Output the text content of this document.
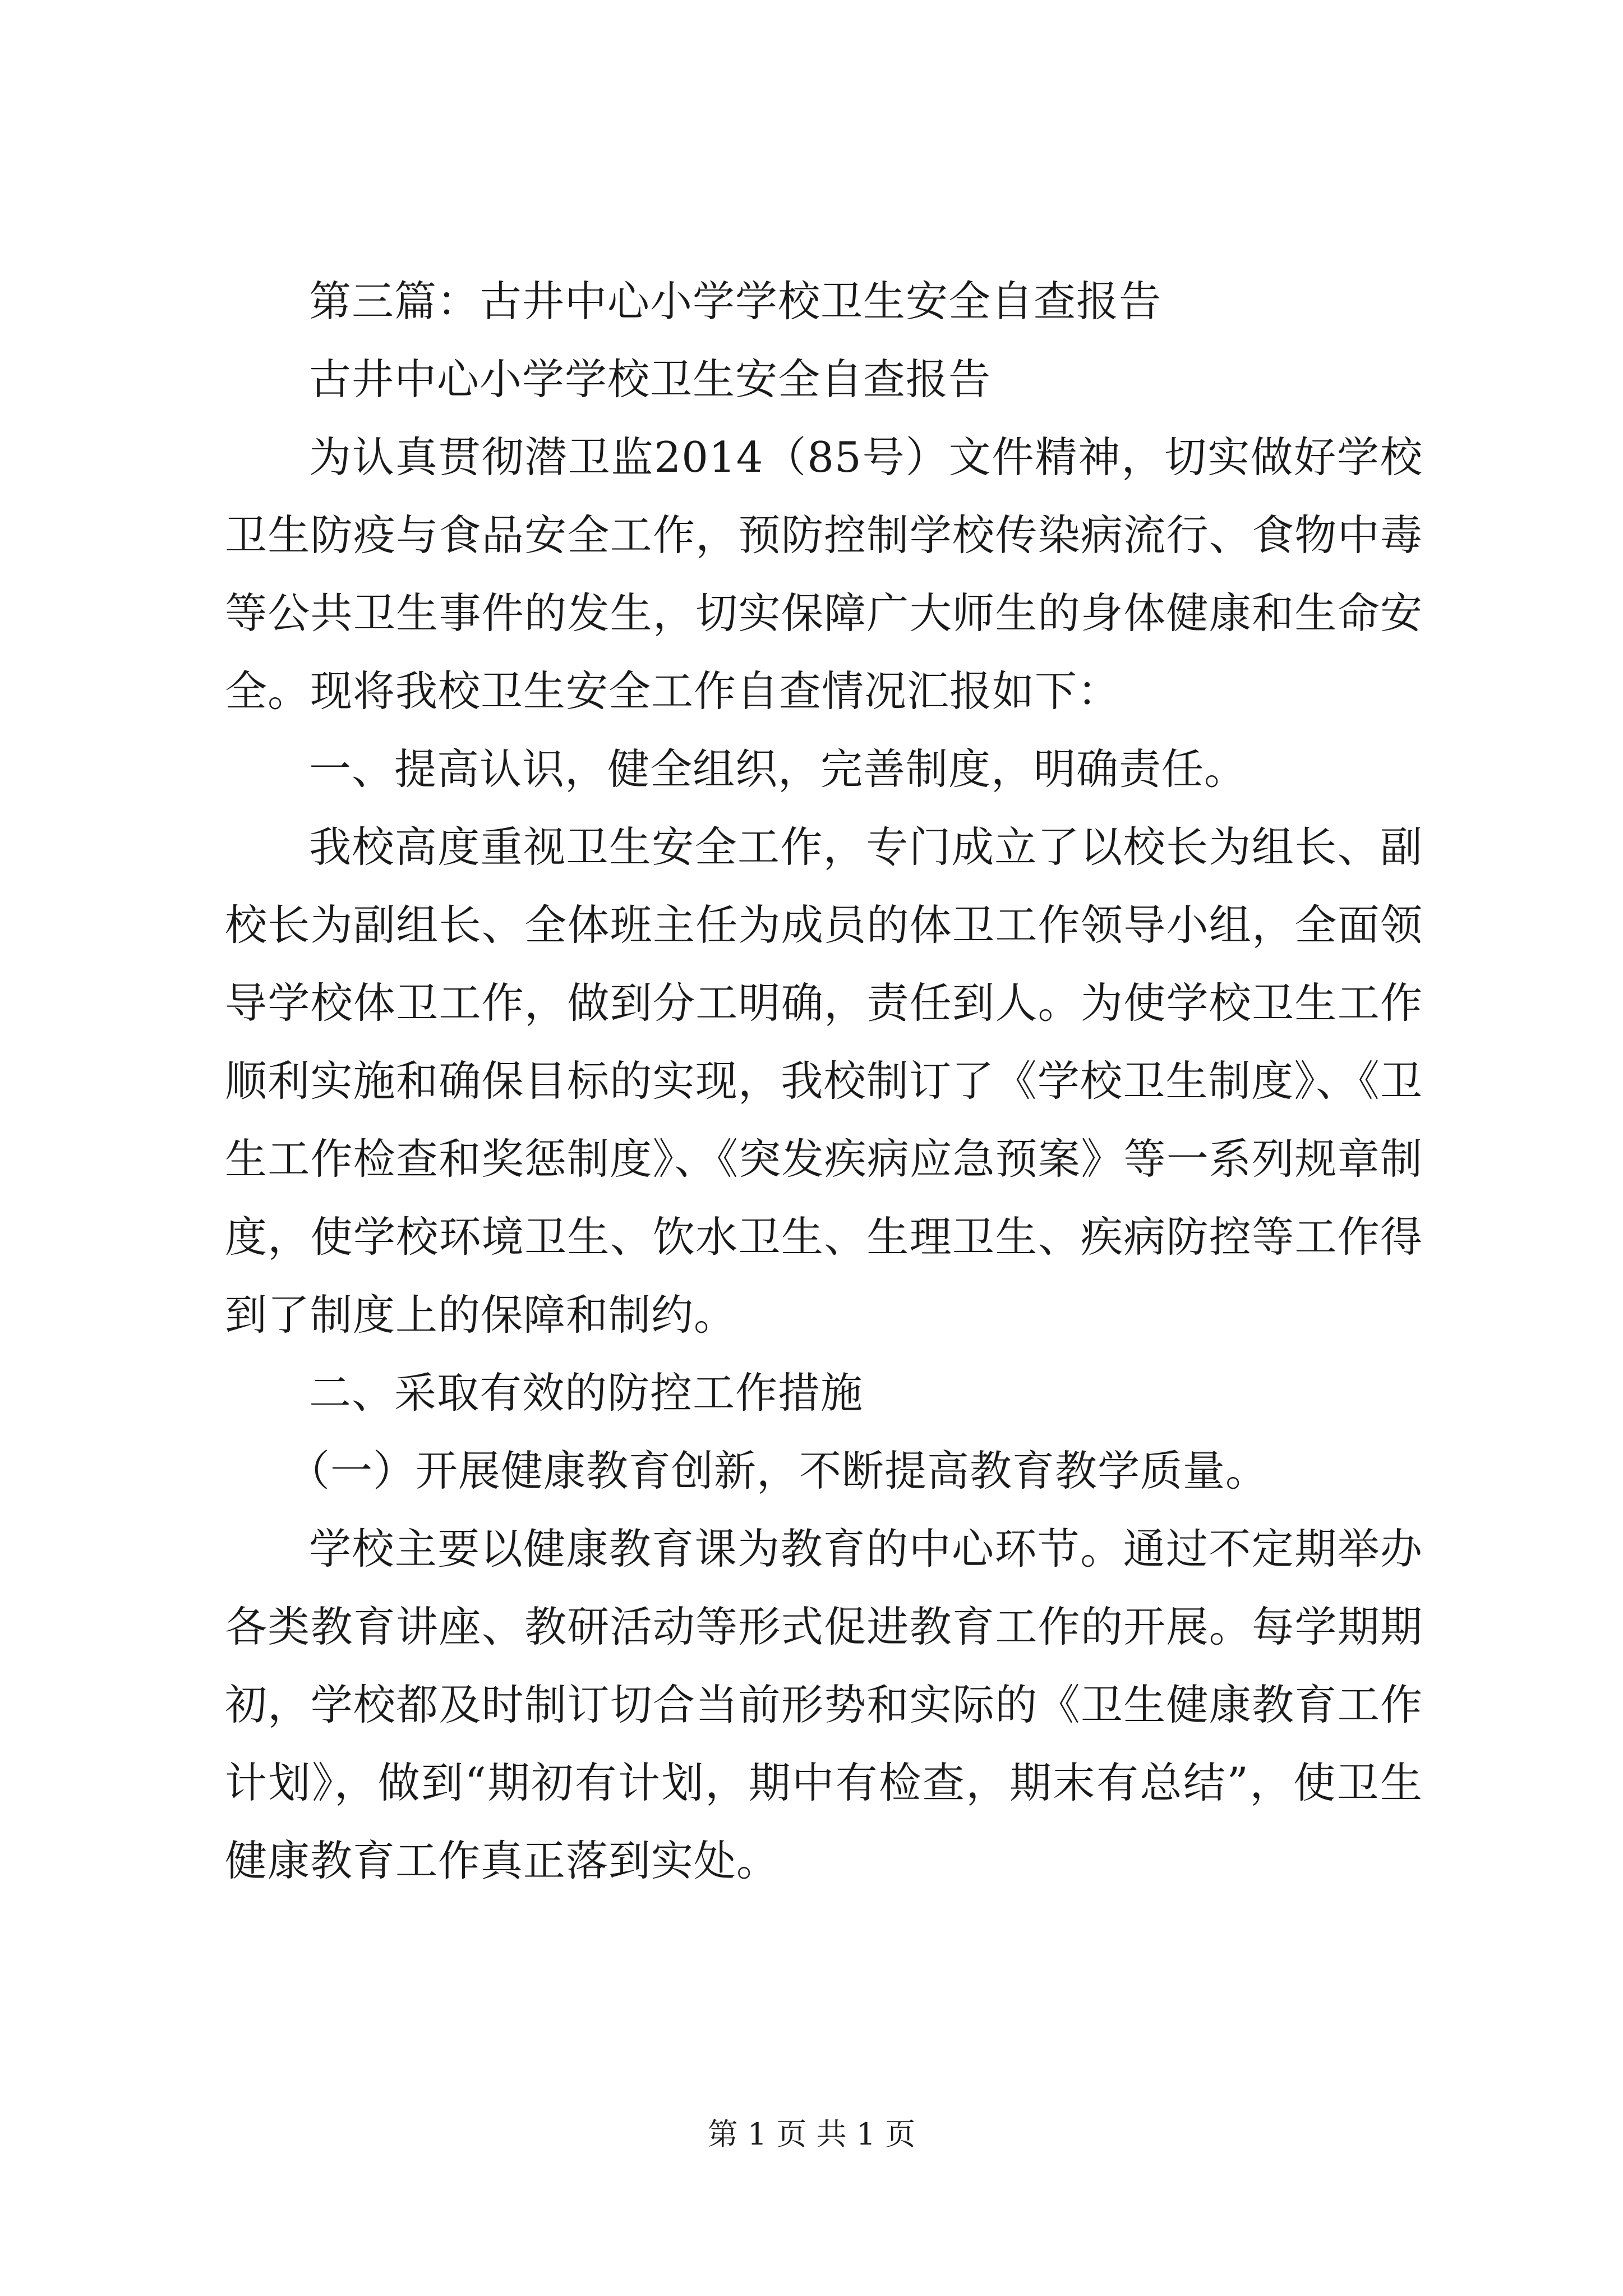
第三篇：古井中心小学学校卫生安全自查报告

古井中心小学学校卫生安全自查报告

为认真贯彻潜卫监2014（85号）文件精神，切实做好学校卫生防疫与食品安全工作，预防控制学校传染病流行、食物中毒等公共卫生事件的发生，切实保障广大师生的身体健康和生命安全。现将我校卫生安全工作自查情况汇报如下：

一、提高认识，健全组织，完善制度，明确责任。

我校高度重视卫生安全工作，专门成立了以校长为组长、副校长为副组长、全体班主任为成员的体卫工作领导小组，全面领导学校体卫工作，做到分工明确，责任到人。为使学校卫生工作顺利实施和确保目标的实现，我校制订了《学校卫生制度》、《卫生工作检查和奖惩制度》、《突发疾病应急预案》等一系列规章制度，使学校环境卫生、饮水卫生、生理卫生、疾病防控等工作得到了制度上的保障和制约。

二、采取有效的防控工作措施

（一）开展健康教育创新，不断提高教育教学质量。

学校主要以健康教育课为教育的中心环节。通过不定期举办各类教育讲座、教研活动等形式促进教育工作的开展。每学期期初，学校都及时制订切合当前形势和实际的《卫生健康教育工作计划》，做到“期初有计划，期中有检查，期末有总结”，使卫生健康教育工作真正落到实处。

第 1 页 共 1 页
